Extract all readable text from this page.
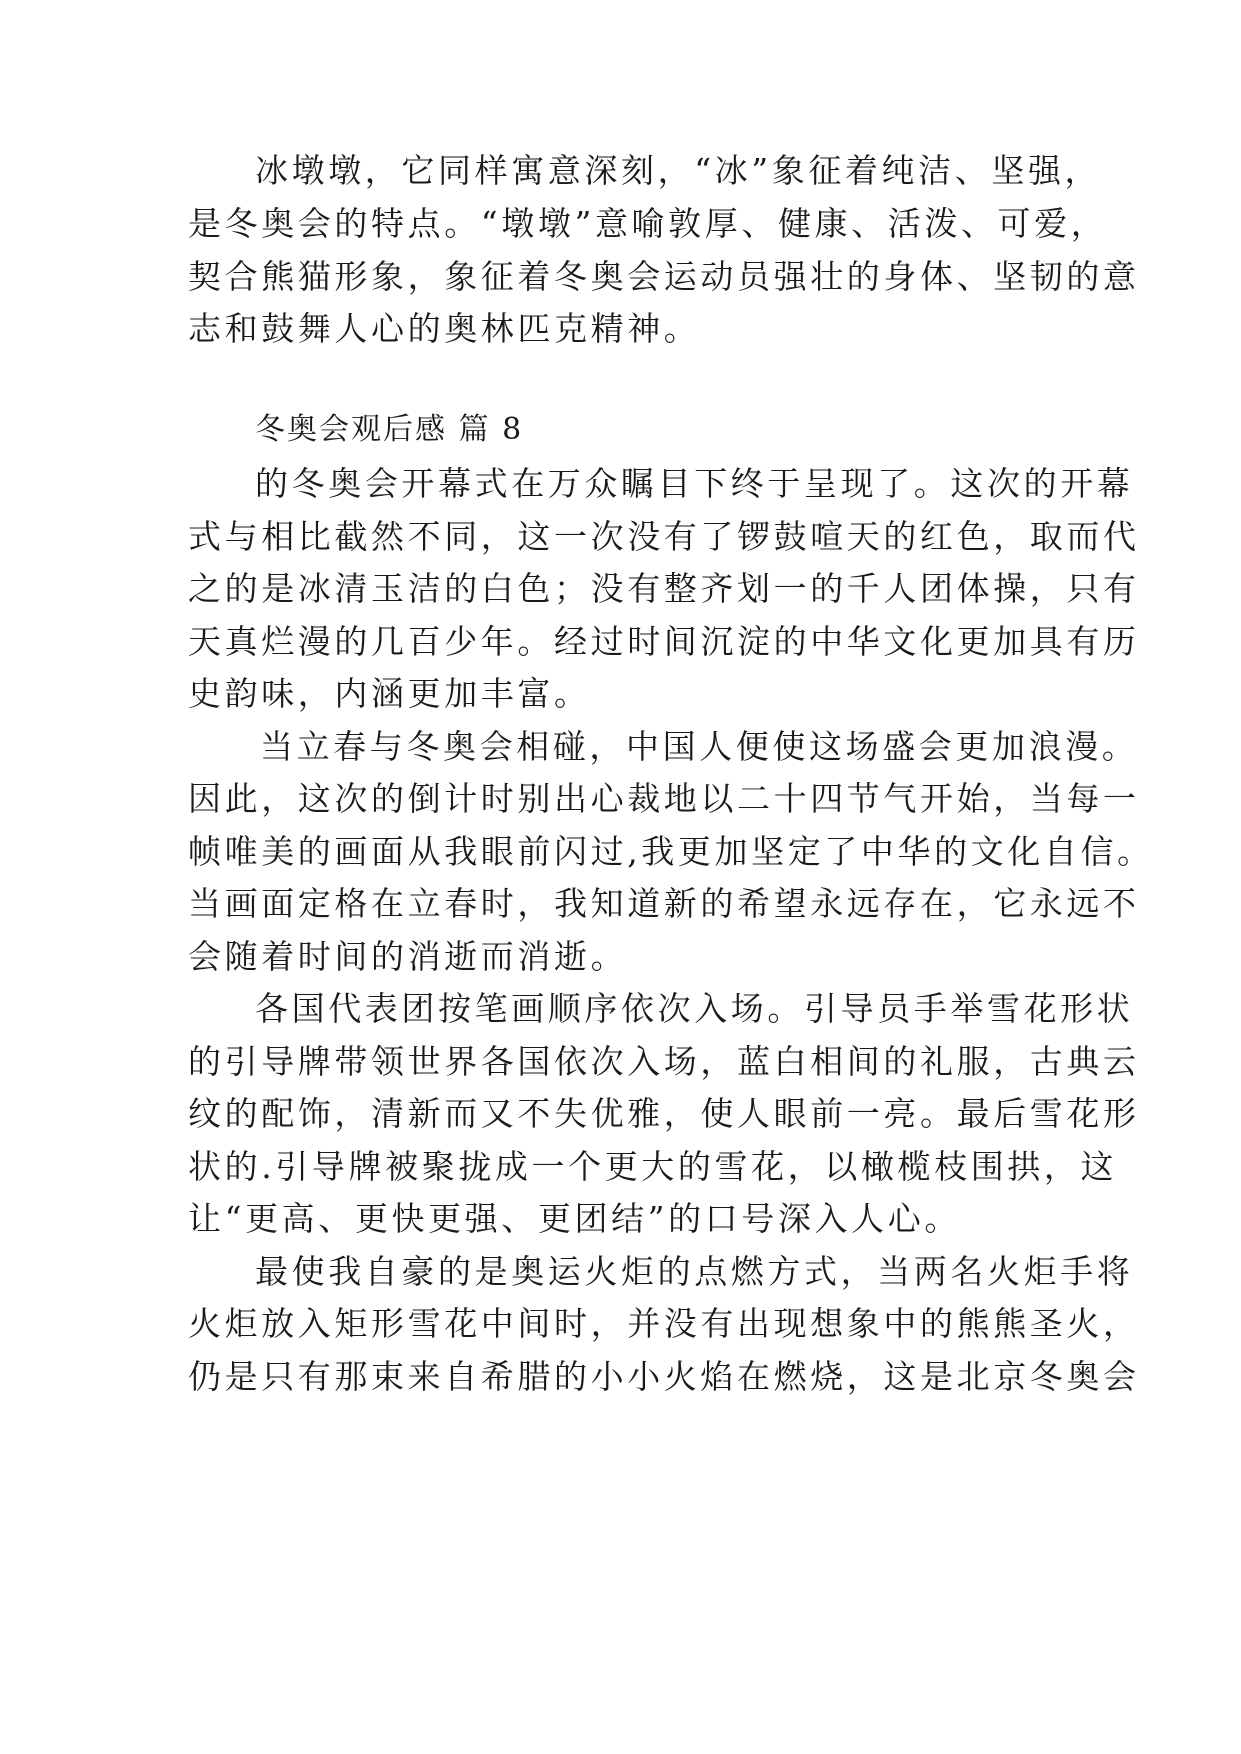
冰墩墩，它同样寓意深刻，“冰”象征着纯洁、坚强，
是冬奥会的特点。“墩墩”意喻敦厚、健康、活泼、可爱，
契合熊猫形象，象征着冬奥会运动员强壮的身体、坚韧的意
志和鼓舞人心的奥林匹克精神。
冬奥会观后感 篇 8
的冬奥会开幕式在万众瞩目下终于呈现了。这次的开幕
式与相比截然不同，这一次没有了锣鼓喧天的红色，取而代
之的是冰清玉洁的白色；没有整齐划一的千人团体操，只有
天真烂漫的几百少年。经过时间沉淀的中华文化更加具有历
史韵味，内涵更加丰富。
当立春与冬奥会相碰，中国人便使这场盛会更加浪漫。
因此，这次的倒计时别出心裁地以二十四节气开始，当每一
帧唯美的画面从我眼前闪过,我更加坚定了中华的文化自信。
当画面定格在立春时，我知道新的希望永远存在，它永远不
会随着时间的消逝而消逝。
各国代表团按笔画顺序依次入场。引导员手举雪花形状
的引导牌带领世界各国依次入场，蓝白相间的礼服，古典云
纹的配饰，清新而又不失优雅，使人眼前一亮。最后雪花形
状的.引导牌被聚拢成一个更大的雪花，以橄榄枝围拱，这
让“更高、更快更强、更团结”的口号深入人心。
最使我自豪的是奥运火炬的点燃方式，当两名火炬手将
火炬放入矩形雪花中间时，并没有出现想象中的熊熊圣火，
仍是只有那束来自希腊的小小火焰在燃烧，这是北京冬奥会
